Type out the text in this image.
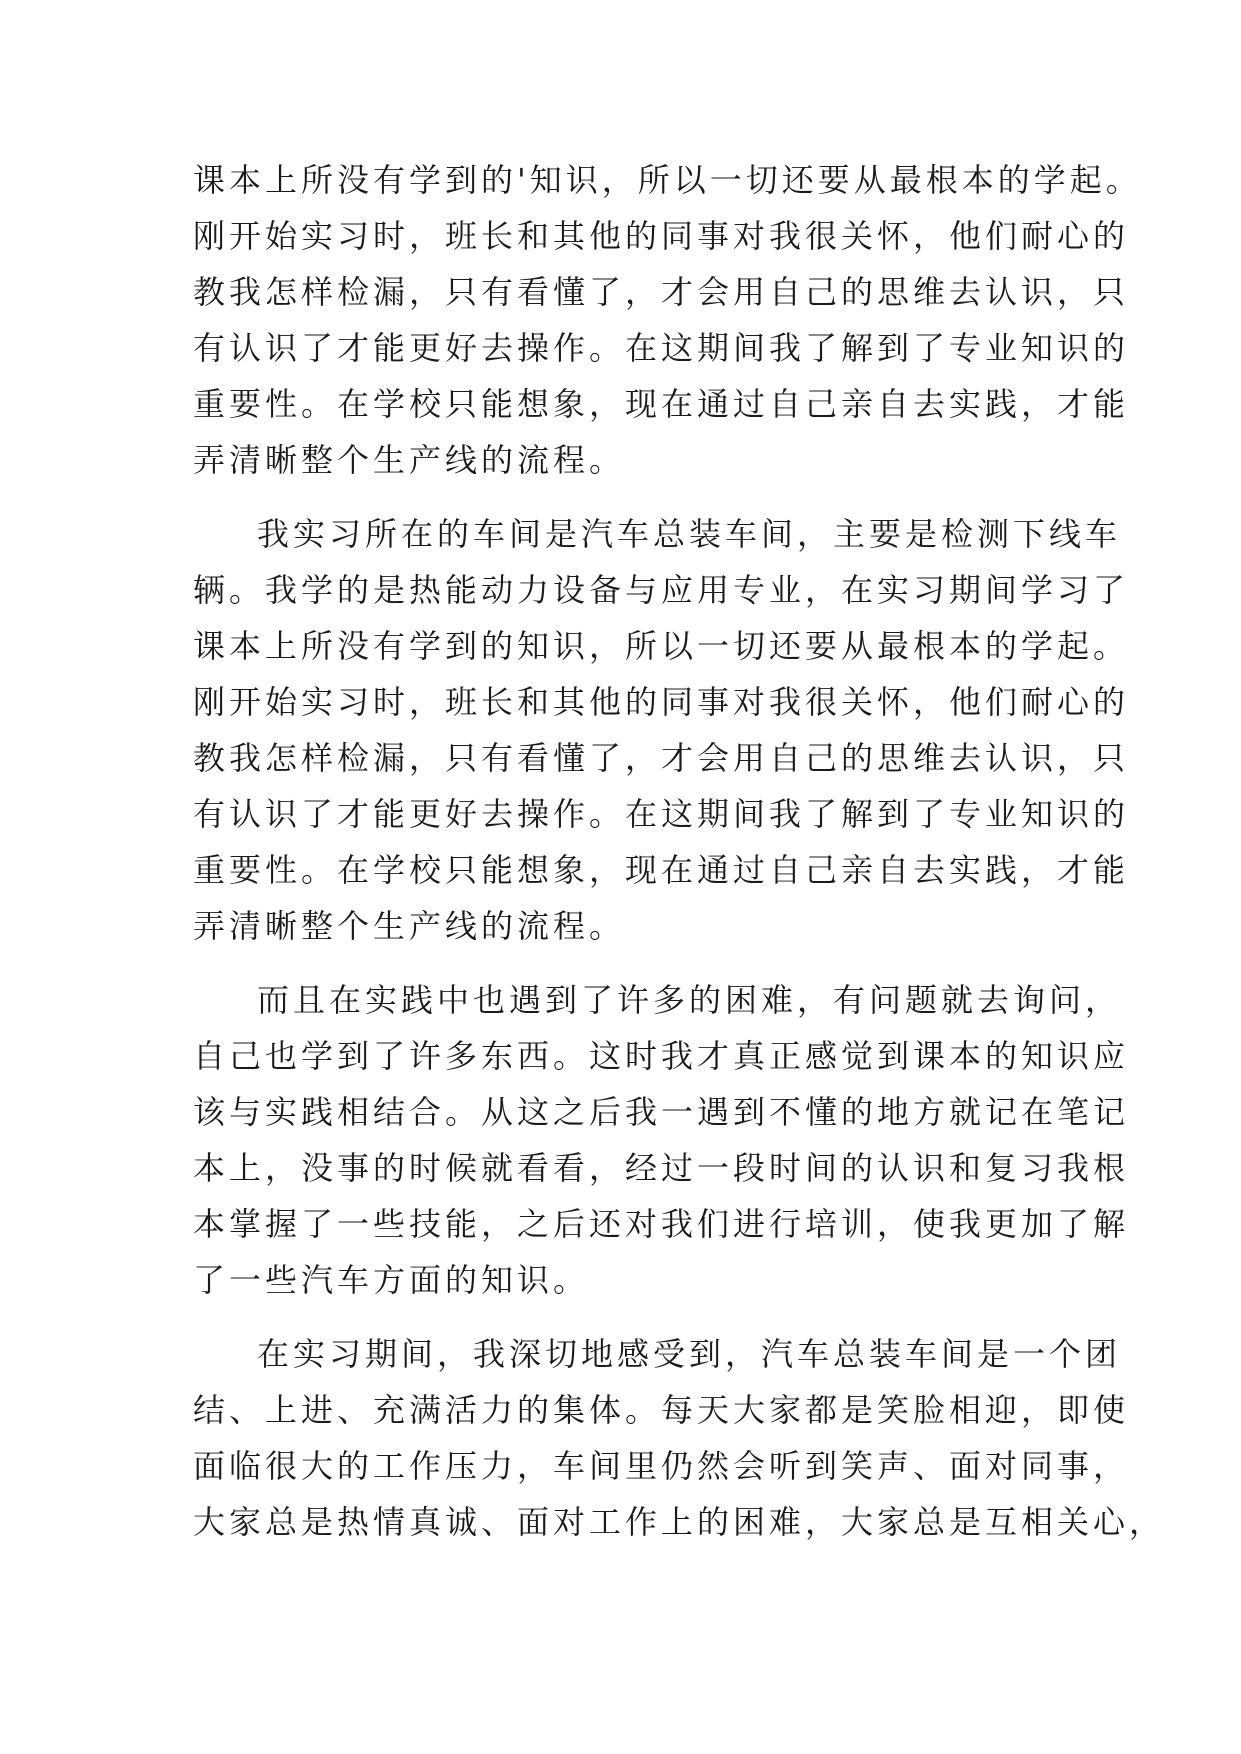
课本上所没有学到的'知识，所以一切还要从最根本的学起。
刚开始实习时，班长和其他的同事对我很关怀，他们耐心的
教我怎样检漏，只有看懂了，才会用自己的思维去认识，只
有认识了才能更好去操作。在这期间我了解到了专业知识的
重要性。在学校只能想象，现在通过自己亲自去实践，才能
弄清晰整个生产线的流程。
我实习所在的车间是汽车总装车间，主要是检测下线车
辆。我学的是热能动力设备与应用专业，在实习期间学习了
课本上所没有学到的知识，所以一切还要从最根本的学起。
刚开始实习时，班长和其他的同事对我很关怀，他们耐心的
教我怎样检漏，只有看懂了，才会用自己的思维去认识，只
有认识了才能更好去操作。在这期间我了解到了专业知识的
重要性。在学校只能想象，现在通过自己亲自去实践，才能
弄清晰整个生产线的流程。
而且在实践中也遇到了许多的困难，有问题就去询问，
自己也学到了许多东西。这时我才真正感觉到课本的知识应
该与实践相结合。从这之后我一遇到不懂的地方就记在笔记
本上，没事的时候就看看，经过一段时间的认识和复习我根
本掌握了一些技能，之后还对我们进行培训，使我更加了解
了一些汽车方面的知识。
在实习期间，我深切地感受到，汽车总装车间是一个团
结、上进、充满活力的集体。每天大家都是笑脸相迎，即使
面临很大的工作压力，车间里仍然会听到笑声、面对同事，
大家总是热情真诚、面对工作上的困难，大家总是互相关心，
